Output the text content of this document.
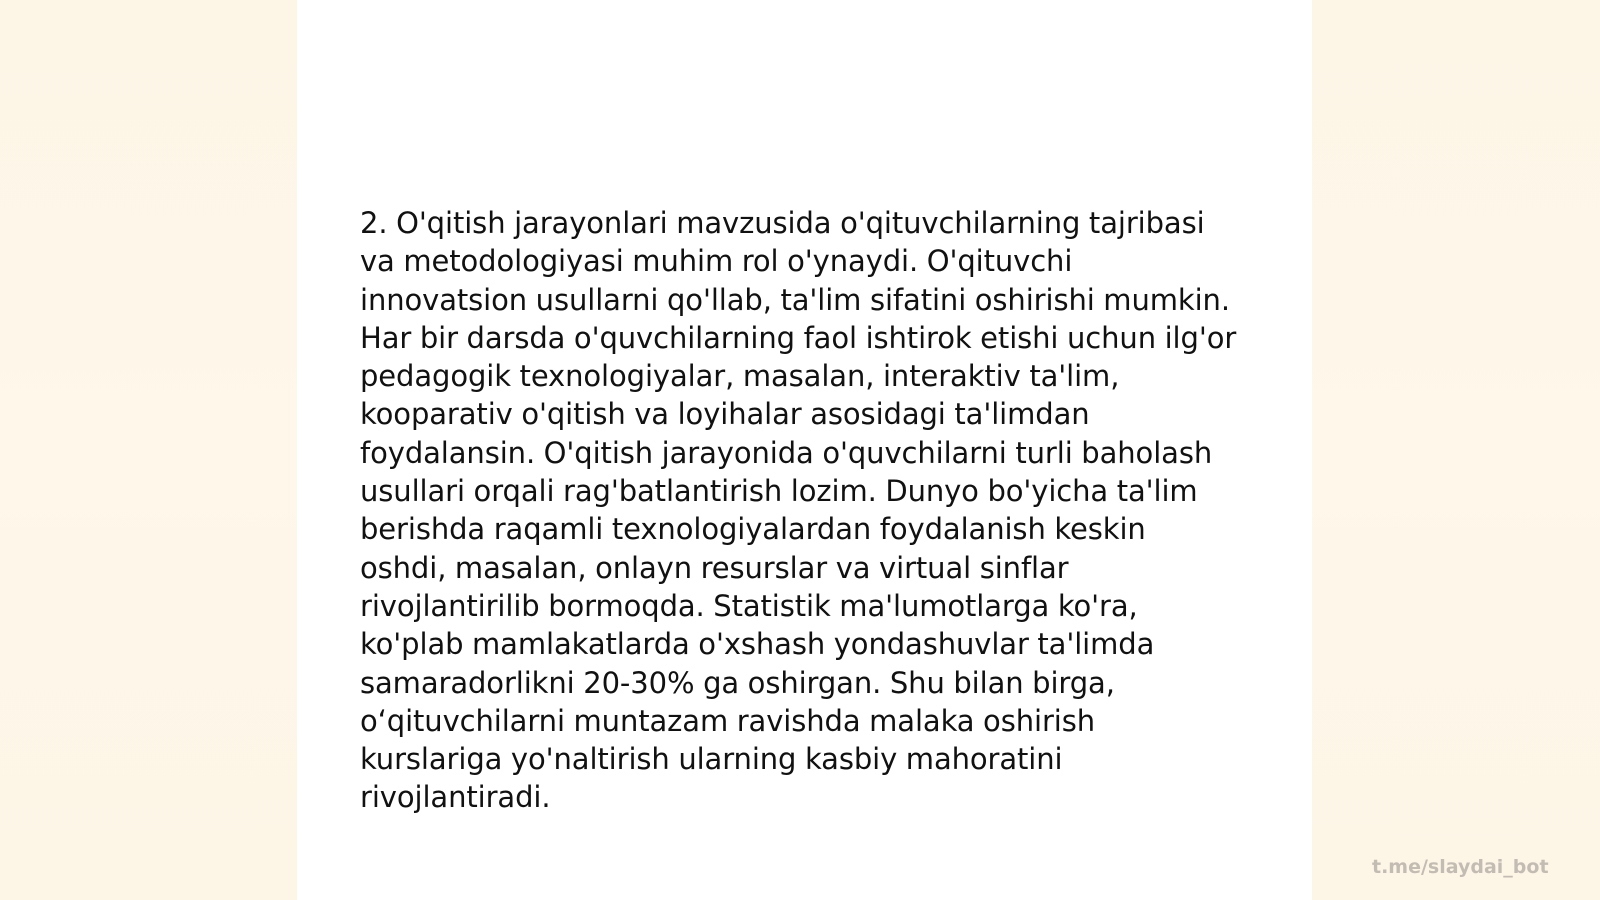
2. O'qitish jarayonlari mavzusida o'qituvchilarning tajribasi va metodologiyasi muhim rol o'ynaydi. O'qituvchi innovatsion usullarni qo'llab, ta'lim sifatini oshirishi mumkin. Har bir darsda o'quvchilarning faol ishtirok etishi uchun ilg'or pedagogik texnologiyalar, masalan, interaktiv ta'lim, kooparativ o'qitish va loyihalar asosidagi ta'limdan foydalansin. O'qitish jarayonida o'quvchilarni turli baholash usullari orqali rag'batlantirish lozim. Dunyo bo'yicha ta'lim berishda raqamli texnologiyalardan foydalanish keskin oshdi, masalan, onlayn resurslar va virtual sinflar rivojlantirilib bormoqda. Statistik ma'lumotlarga ko'ra, ko'plab mamlakatlarda o'xshash yondashuvlar ta'limda samaradorlikni 20-30% ga oshirgan. Shu bilan birga, oʻqituvchilarni muntazam ravishda malaka oshirish kurslariga yo'naltirish ularning kasbiy mahoratini rivojlantiradi.

t.me/slaydai_bot
